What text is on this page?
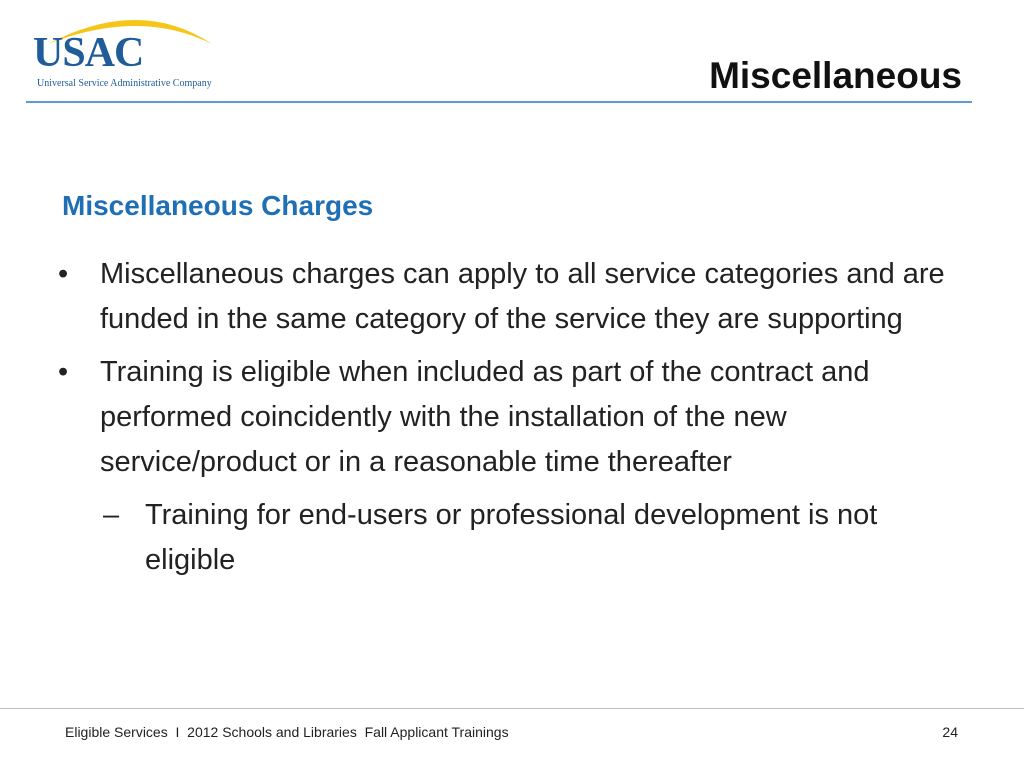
USAC
Universal Service Administrative Company	Miscellaneous
Miscellaneous Charges
• Miscellaneous charges can apply to all service categories and are funded in the same category of the service they are supporting
• Training is eligible when included as part of the contract and performed coincidently with the installation of the new service/product or in a reasonable time thereafter
– Training for end-users or professional development is not eligible
Eligible Services  I  2012 Schools and Libraries  Fall Applicant Trainings	24
